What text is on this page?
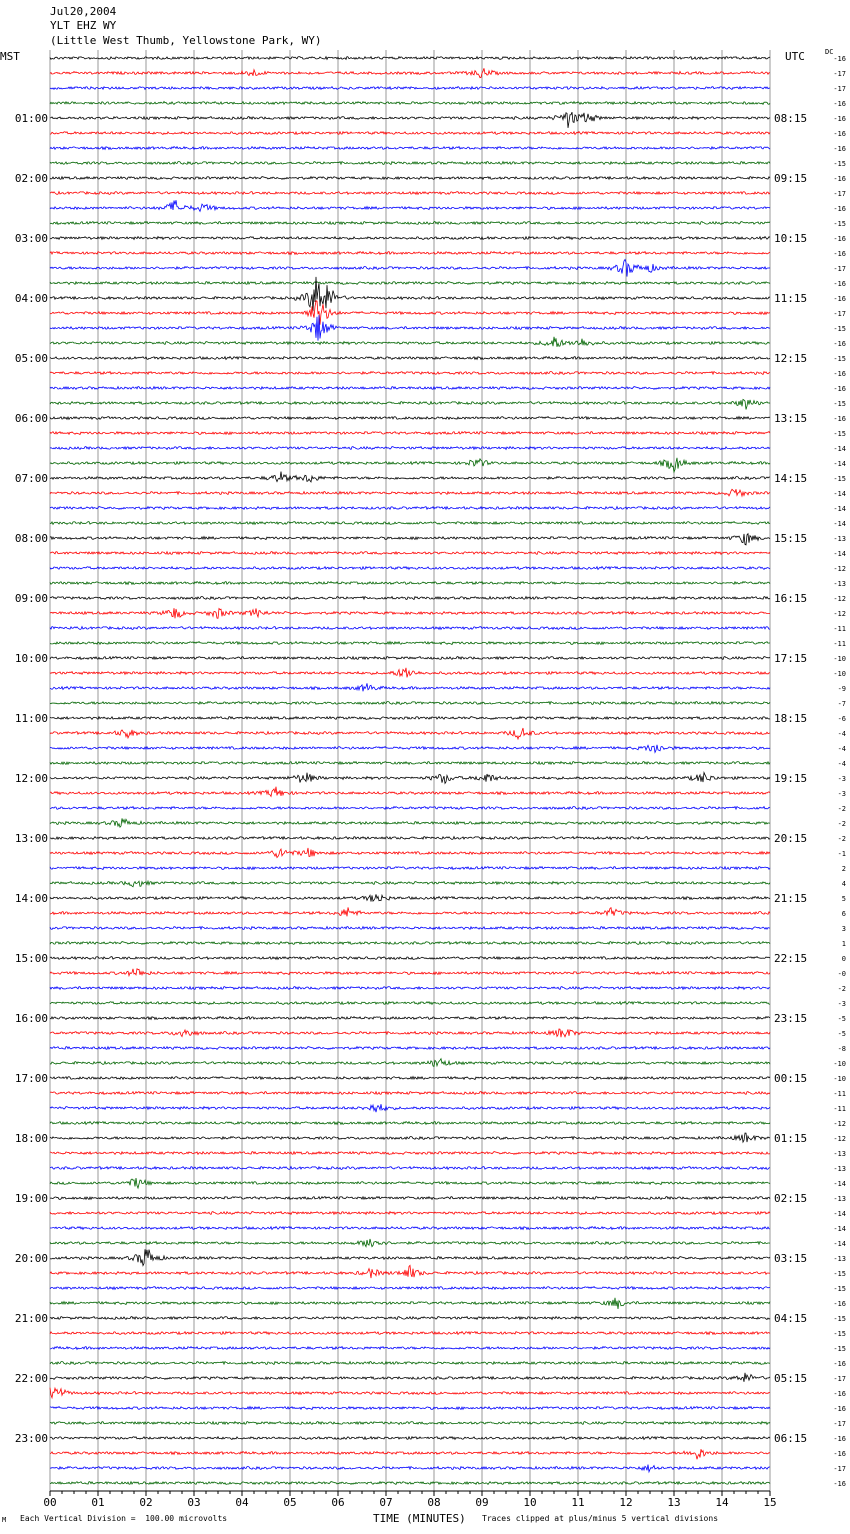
01:00
02:00
03:00
04:00
05:00
06:00
07:00
08:00
09:00
10:00
11:00
12:00
13:00
14:00
15:00
16:00
17:00
18:00
19:00
20:00
21:00
22:00
23:00
08:15
09:15
10:15
11:15
12:15
13:15
14:15
15:15
16:15
17:15
18:15
19:15
20:15
21:15
22:15
23:15
00:15
01:15
02:15
03:15
04:15
05:15
06:15
-16
-17
-17
-16
-16
-16
-16
-15
-16
-17
-16
-15
-16
-16
-17
-16
-16
-17
-15
-16
-15
-16
-16
-15
-16
-15
-14
-14
-15
-14
-14
-14
-13
-14
-12
-13
-12
-12
-11
-11
-10
-10
-9
-7
-6
-4
-4
-4
-3
-3
-2
-2
-2
-1
2
4
5
6
3
1
0
-0
-2
-3
-5
-5
-8
-10
-10
-11
-11
-12
-12
-13
-13
-14
-13
-14
-14
-14
-13
-15
-15
-16
-15
-15
-15
-16
-17
-16
-16
-17
-16
-16
-17
-16
00	01	02	03	04	05	06	07	08	09	10	11	12	13	14	15
Jul20,2004
YLT EHZ WY
(Little West Thumb, Yellowstone Park, WY)
MST	UTC	DC
M Each Vertical Division =  100.00 microvolts	TIME (MINUTES) Traces clipped at plus/minus 5 vertical divisions
